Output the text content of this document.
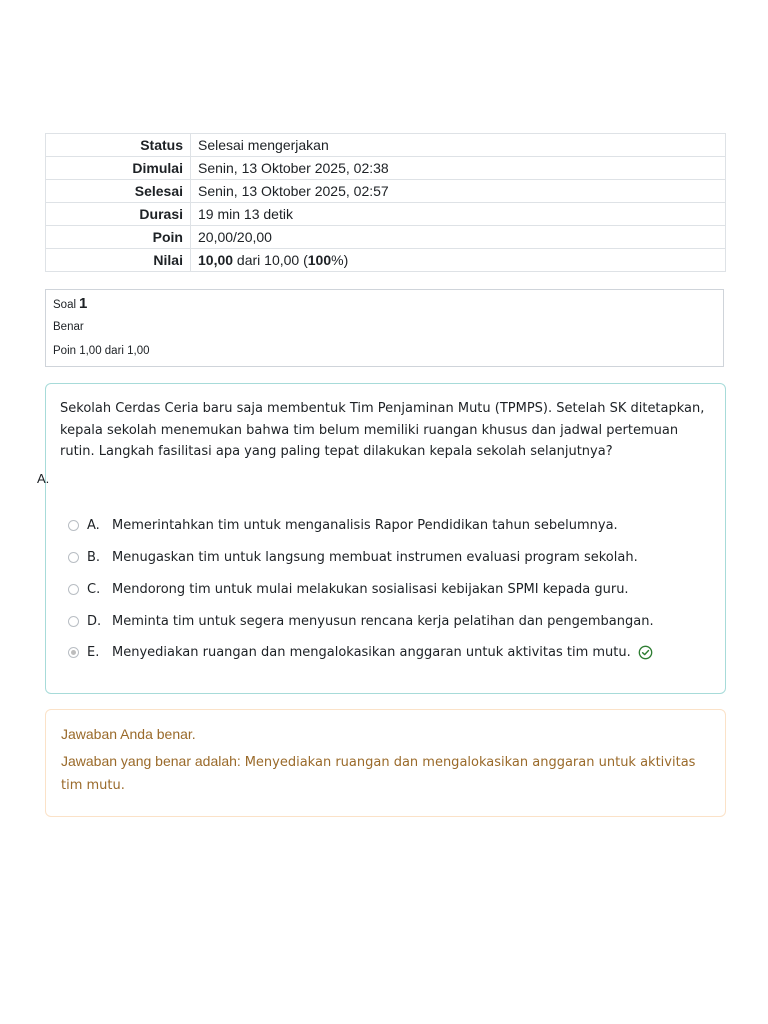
Status	Selesai mengerjakan
Dimulai	Senin, 13 Oktober 2025, 02:38
Selesai	Senin, 13 Oktober 2025, 02:57
Durasi	19 min 13 detik
Poin	20,00/20,00
Nilai	10,00 dari 10,00 (100%)
Soal 1
Benar
Poin 1,00 dari 1,00
Sekolah Cerdas Ceria baru saja membentuk Tim Penjaminan Mutu (TPMPS). Setelah SK ditetapkan, kepala sekolah menemukan bahwa tim belum memiliki ruangan khusus dan jadwal pertemuan rutin. Langkah fasilitasi apa yang paling tepat dilakukan kepala sekolah selanjutnya?
A.
A. Memerintahkan tim untuk menganalisis Rapor Pendidikan tahun sebelumnya.
B. Menugaskan tim untuk langsung membuat instrumen evaluasi program sekolah.
C. Mendorong tim untuk mulai melakukan sosialisasi kebijakan SPMI kepada guru.
D. Meminta tim untuk segera menyusun rencana kerja pelatihan dan pengembangan.
E. Menyediakan ruangan dan mengalokasikan anggaran untuk aktivitas tim mutu.
Jawaban Anda benar.
Jawaban yang benar adalah: Menyediakan ruangan dan mengalokasikan anggaran untuk aktivitas tim mutu.
